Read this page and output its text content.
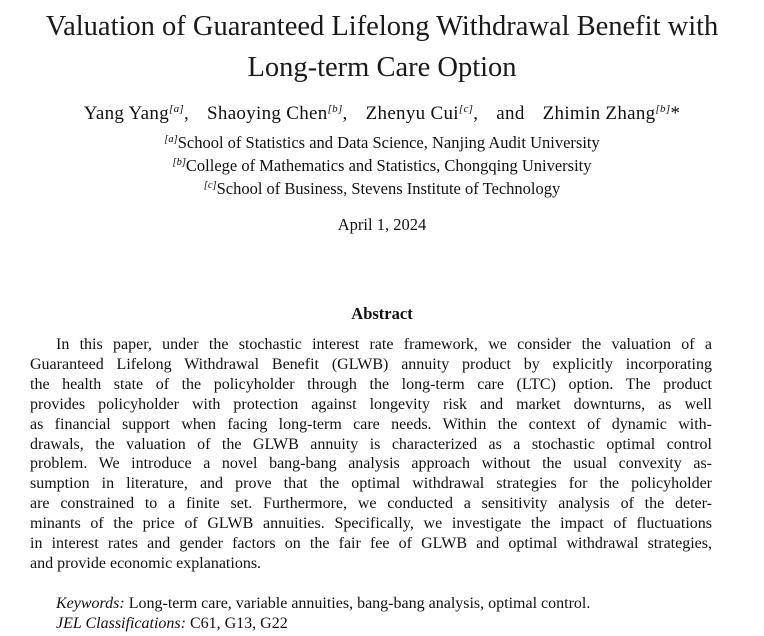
Valuation of Guaranteed Lifelong Withdrawal Benefit with
Long-term Care Option
Yang Yang[a], Shaoying Chen[b], Zhenyu Cui[c], and Zhimin Zhang[b]*
[a]School of Statistics and Data Science, Nanjing Audit University
[b]College of Mathematics and Statistics, Chongqing University
[c]School of Business, Stevens Institute of Technology
April 1, 2024
Abstract
In this paper, under the stochastic interest rate framework, we consider the valuation of a
Guaranteed Lifelong Withdrawal Benefit (GLWB) annuity product by explicitly incorporating
the health state of the policyholder through the long-term care (LTC) option. The product
provides policyholder with protection against longevity risk and market downturns, as well
as financial support when facing long-term care needs. Within the context of dynamic with-
drawals, the valuation of the GLWB annuity is characterized as a stochastic optimal control
problem. We introduce a novel bang-bang analysis approach without the usual convexity as-
sumption in literature, and prove that the optimal withdrawal strategies for the policyholder
are constrained to a finite set. Furthermore, we conducted a sensitivity analysis of the deter-
minants of the price of GLWB annuities. Specifically, we investigate the impact of fluctuations
in interest rates and gender factors on the fair fee of GLWB and optimal withdrawal strategies,
and provide economic explanations.
Keywords: Long-term care, variable annuities, bang-bang analysis, optimal control.
JEL Classifications: C61, G13, G22
